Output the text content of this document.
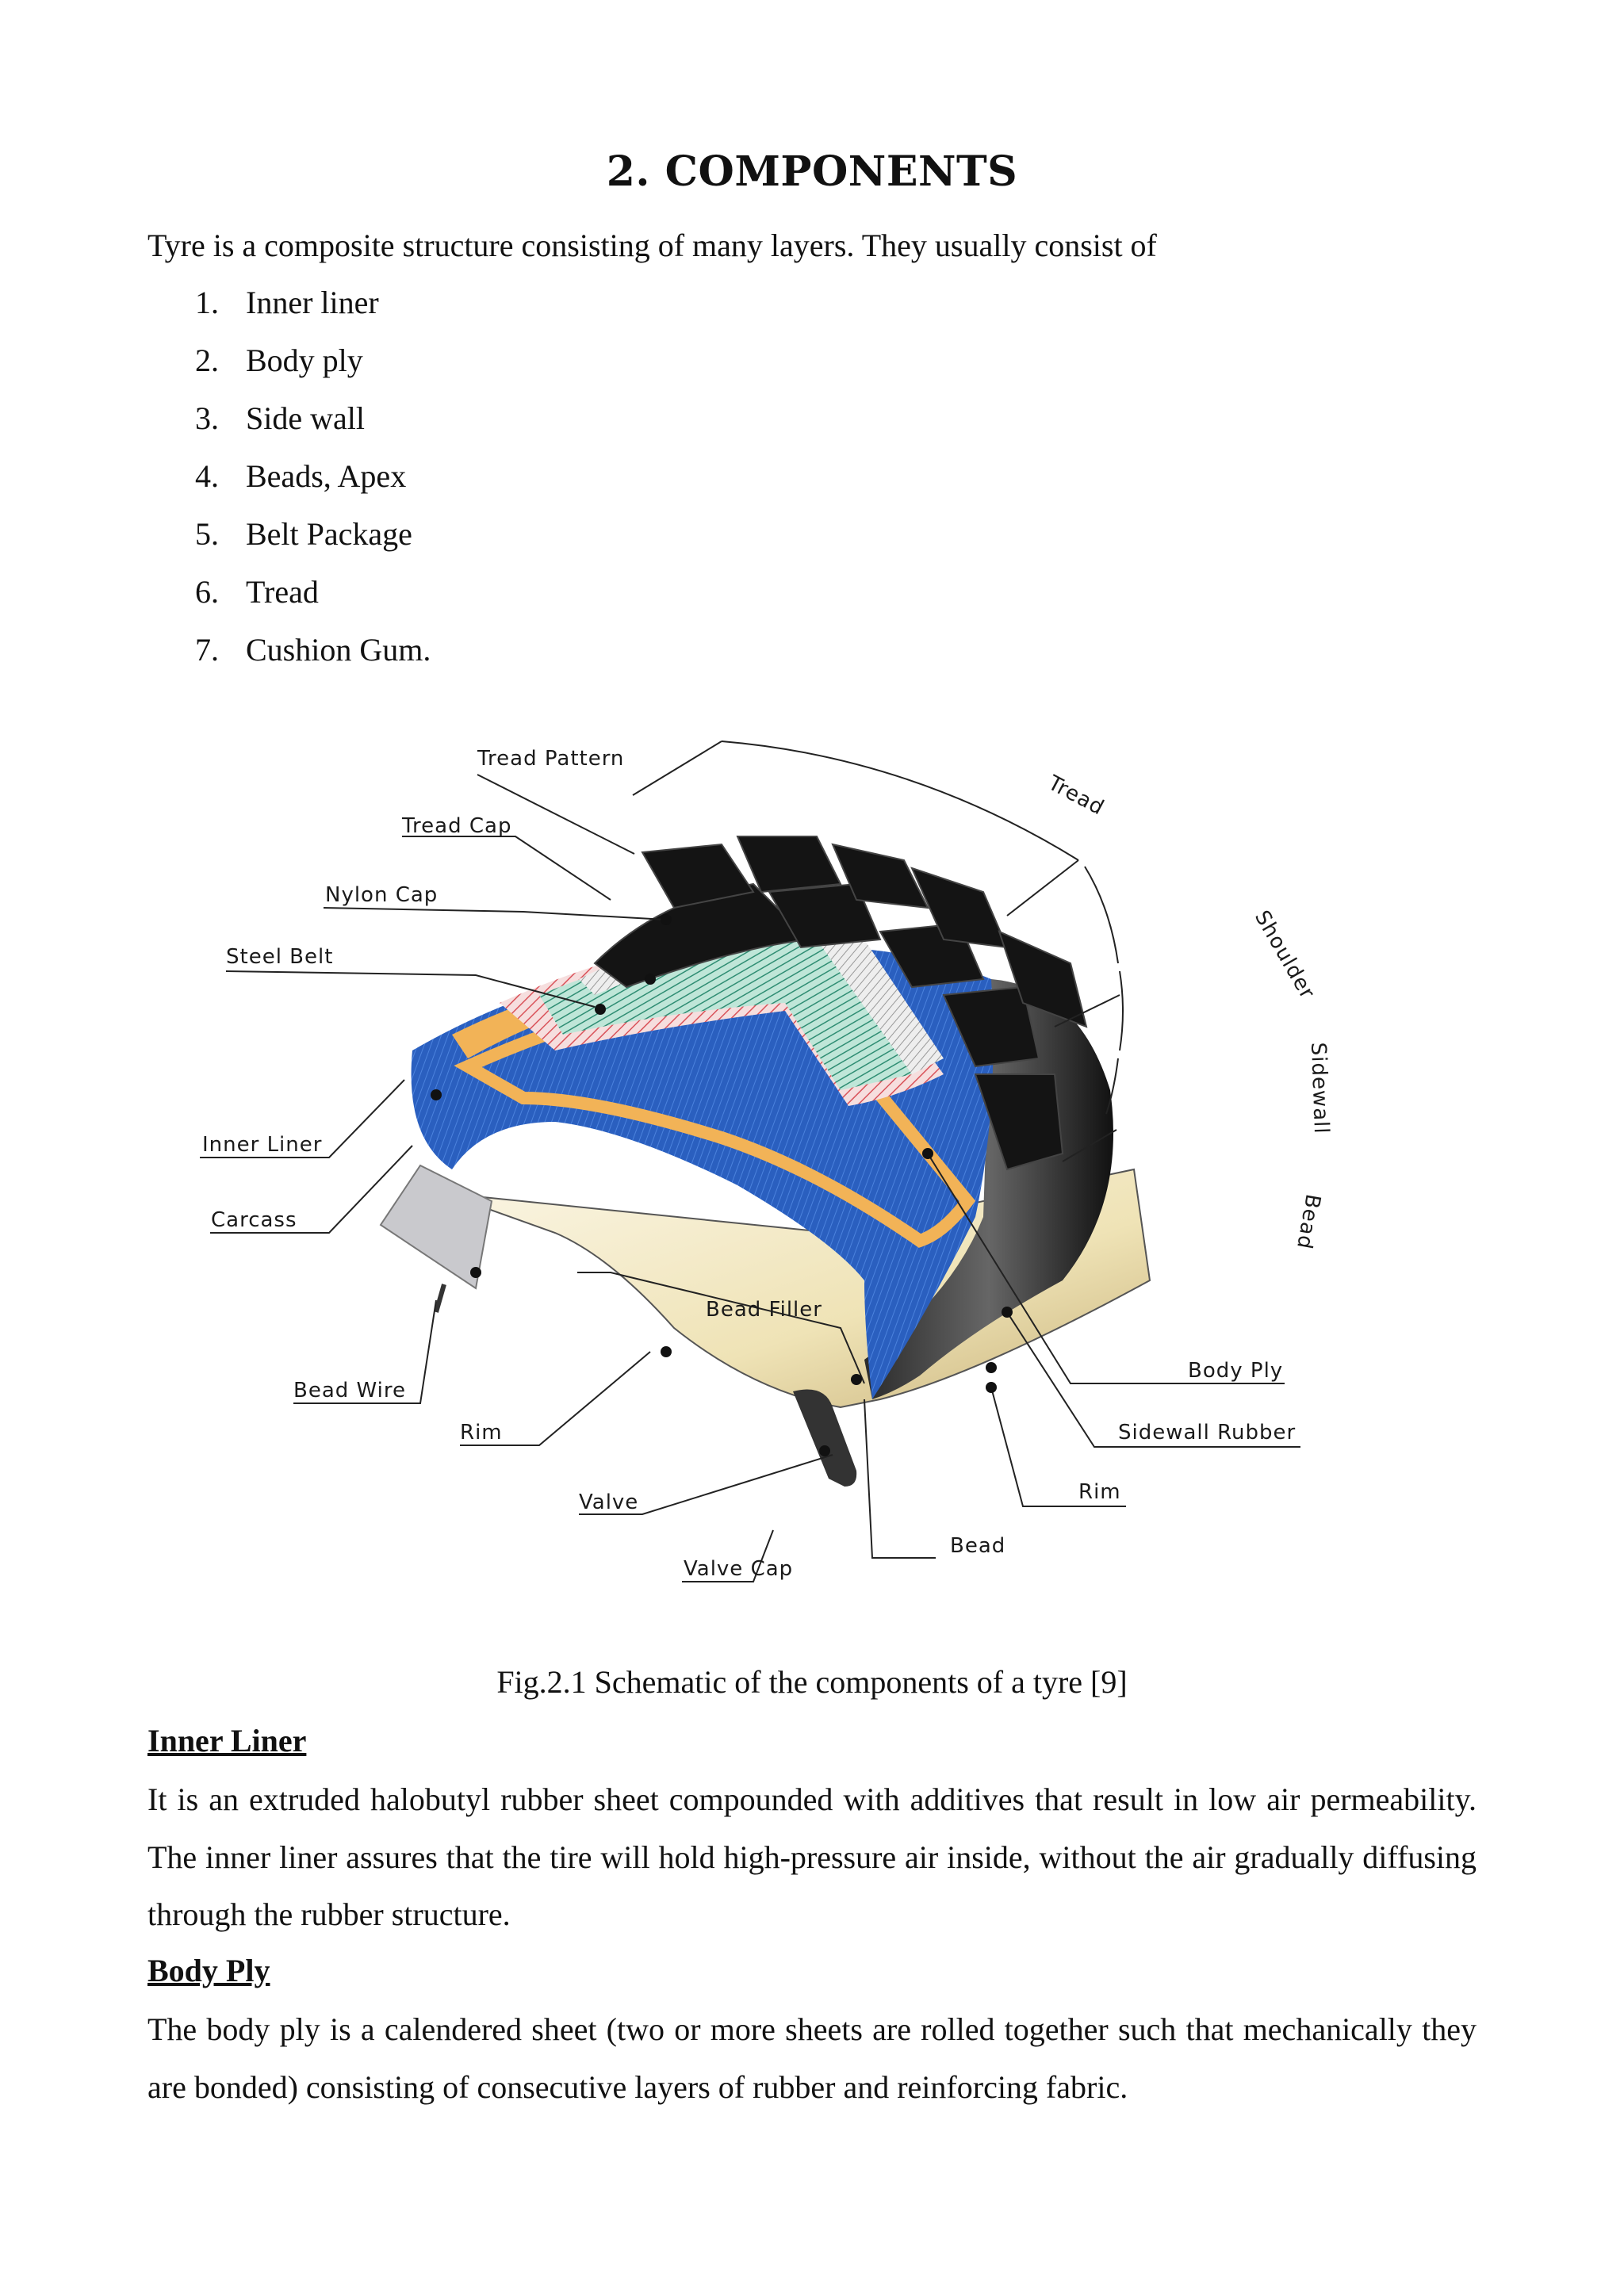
2. COMPONENTS
Tyre is a composite structure consisting of many layers. They usually consist of
1. Inner liner
2. Body ply
3. Side wall
4. Beads, Apex
5. Belt Package
6. Tread
7. Cushion Gum.
Tread Pattern
Tread Cap
Nylon Cap
Steel Belt
Inner Liner
Carcass
Bead Filler
Bead Wire
Rim
Valve
Valve Cap
Bead
Rim
Sidewall Rubber
Body Ply
Tread
Shoulder
Sidewall
Bead
Fig.2.1 Schematic of the components of a tyre [9]
Inner Liner

It is an extruded halobutyl rubber sheet compounded with additives that result in low air permeability. The inner liner assures that the tire will hold high-pressure air inside, without the air gradually diffusing through the rubber structure.

Body Ply

The body ply is a calendered sheet (two or more sheets are rolled together such that mechanically they are bonded) consisting of consecutive layers of rubber and reinforcing fabric.
